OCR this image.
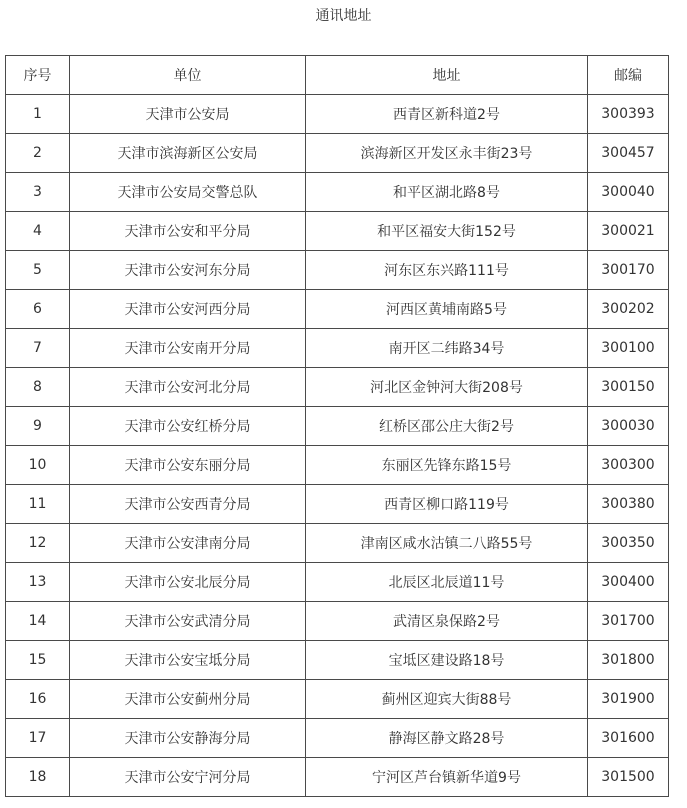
通讯地址
序号	单位	地址	邮编
1	天津市公安局	西青区新科道2号	300393
2	天津市滨海新区公安局	滨海新区开发区永丰街23号	300457
3	天津市公安局交警总队	和平区湖北路8号	300040
4	天津市公安和平分局	和平区福安大街152号	300021
5	天津市公安河东分局	河东区东兴路111号	300170
6	天津市公安河西分局	河西区黄埔南路5号	300202
7	天津市公安南开分局	南开区二纬路34号	300100
8	天津市公安河北分局	河北区金钟河大街208号	300150
9	天津市公安红桥分局	红桥区邵公庄大街2号	300030
10	天津市公安东丽分局	东丽区先锋东路15号	300300
11	天津市公安西青分局	西青区柳口路119号	300380
12	天津市公安津南分局	津南区咸水沽镇二八路55号	300350
13	天津市公安北辰分局	北辰区北辰道11号	300400
14	天津市公安武清分局	武清区泉保路2号	301700
15	天津市公安宝坻分局	宝坻区建设路18号	301800
16	天津市公安蓟州分局	蓟州区迎宾大街88号	301900
17	天津市公安静海分局	静海区静文路28号	301600
18	天津市公安宁河分局	宁河区芦台镇新华道9号	301500
